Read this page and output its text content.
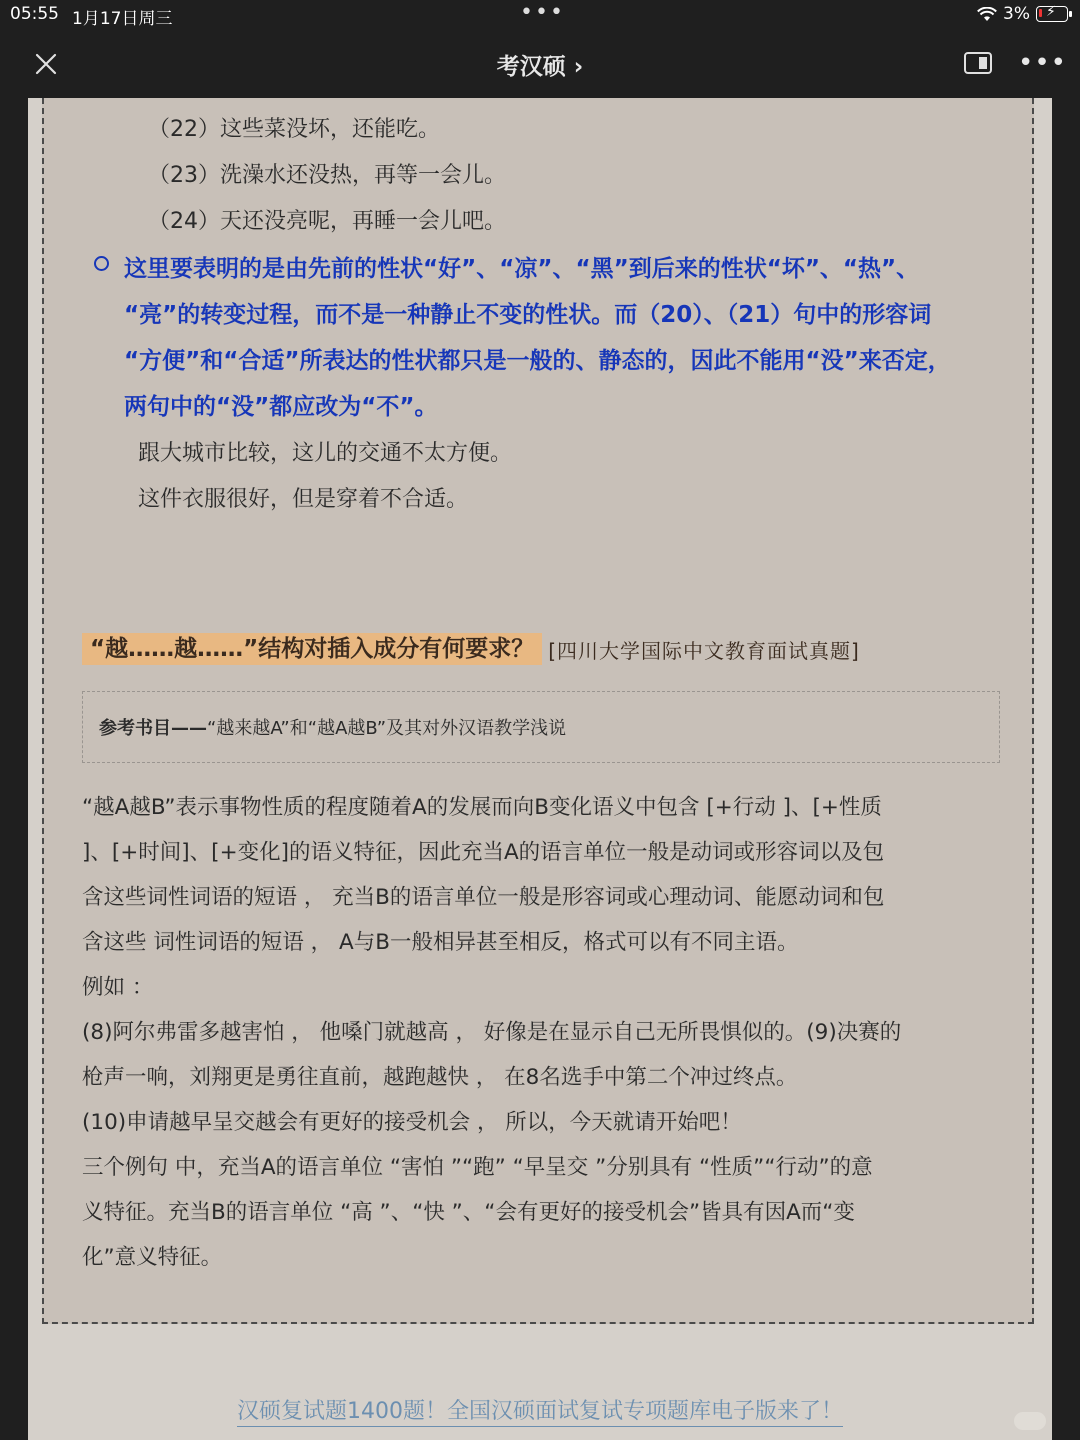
05:55 1月17日周三	•••	3% ⚡
考汉硕 ›	•••
（22）这些菜没坏，还能吃。
（23）洗澡水还没热，再等一会儿。
（24）天还没亮呢，再睡一会儿吧。
这里要表明的是由先前的性状“好”、“凉”、“黑”到后来的性状“坏”、“热”、
“亮”的转变过程，而不是一种静止不变的性状。而（20）、（21）句中的形容词
“方便”和“合适”所表达的性状都只是一般的、静态的，因此不能用“没”来否定，
两句中的“没”都应改为“不”。
跟大城市比较，这儿的交通不太方便。
这件衣服很好，但是穿着不合适。
“越……越……”结构对插入成分有何要求？ [四川大学国际中文教育面试真题]
参考书目——“越来越A”和“越A越B”及其对外汉语教学浅说
“越A越B”表示事物性质的程度随着A的发展而向B变化语义中包含 [+行动 ]、[+性质
]、[+时间]、[+变化]的语义特征，因此充当A的语言单位一般是动词或形容词以及包
含这些词性词语的短语 ， 充当B的语言单位一般是形容词或心理动词、能愿动词和包
含这些 词性词语的短语 ， A与B一般相异甚至相反，格式可以有不同主语。
例如 ：
(8)阿尔弗雷多越害怕 ， 他嗓门就越高 ， 好像是在显示自己无所畏惧似的。(9)决赛的
枪声一响，刘翔更是勇往直前，越跑越快 ， 在8名选手中第二个冲过终点。
(10)申请越早呈交越会有更好的接受机会 ， 所以，今天就请开始吧！
三个例句 中，充当A的语言单位 “害怕 ”“跑” “早呈交 ”分别具有 “性质”“行动”的意
义特征。充当B的语言单位 “高 ”、“快 ”、“会有更好的接受机会”皆具有因A而“变
化”意义特征。
汉硕复试题1400题！全国汉硕面试复试专项题库电子版来了！
